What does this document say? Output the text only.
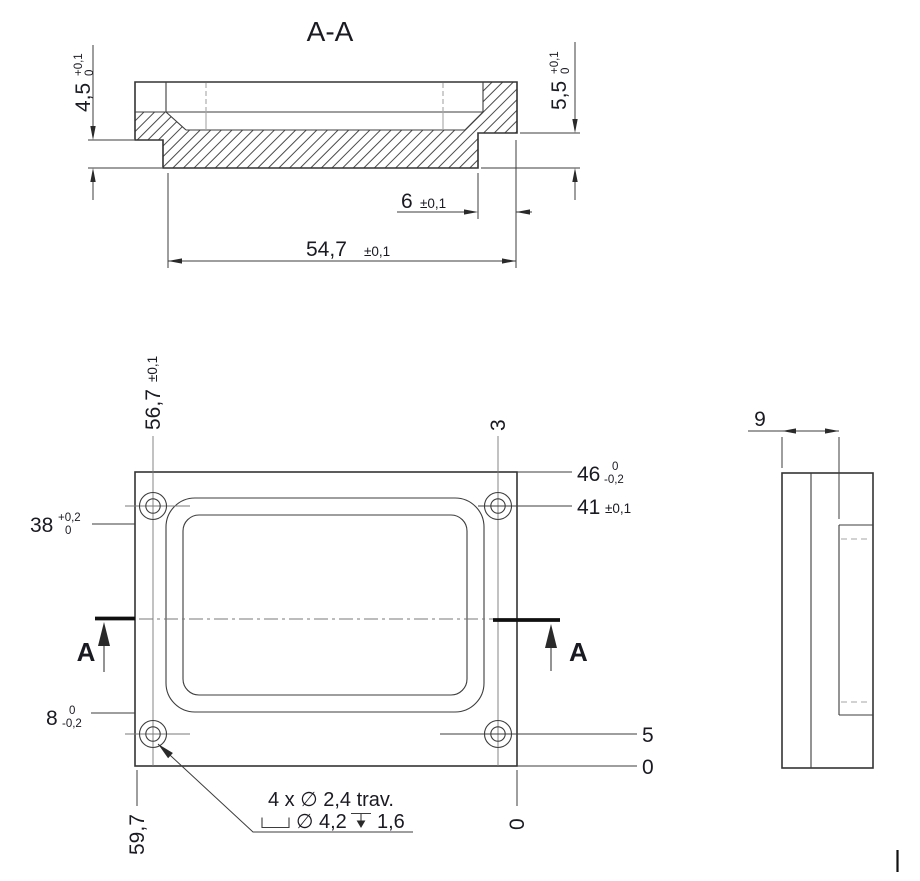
A-A
4,5
+0,1 0
5,5
+0,1 0
6 ±0,1
54,7 ±0,1
A	A
56,7
±0,1
3
46 0
-0,2
41 ±0,1
5
0
38 +0,2
0
8 0
-0,2
59,7	0
4 x ∅ 2,4 trav.
∅ 4,2 1,6
9
